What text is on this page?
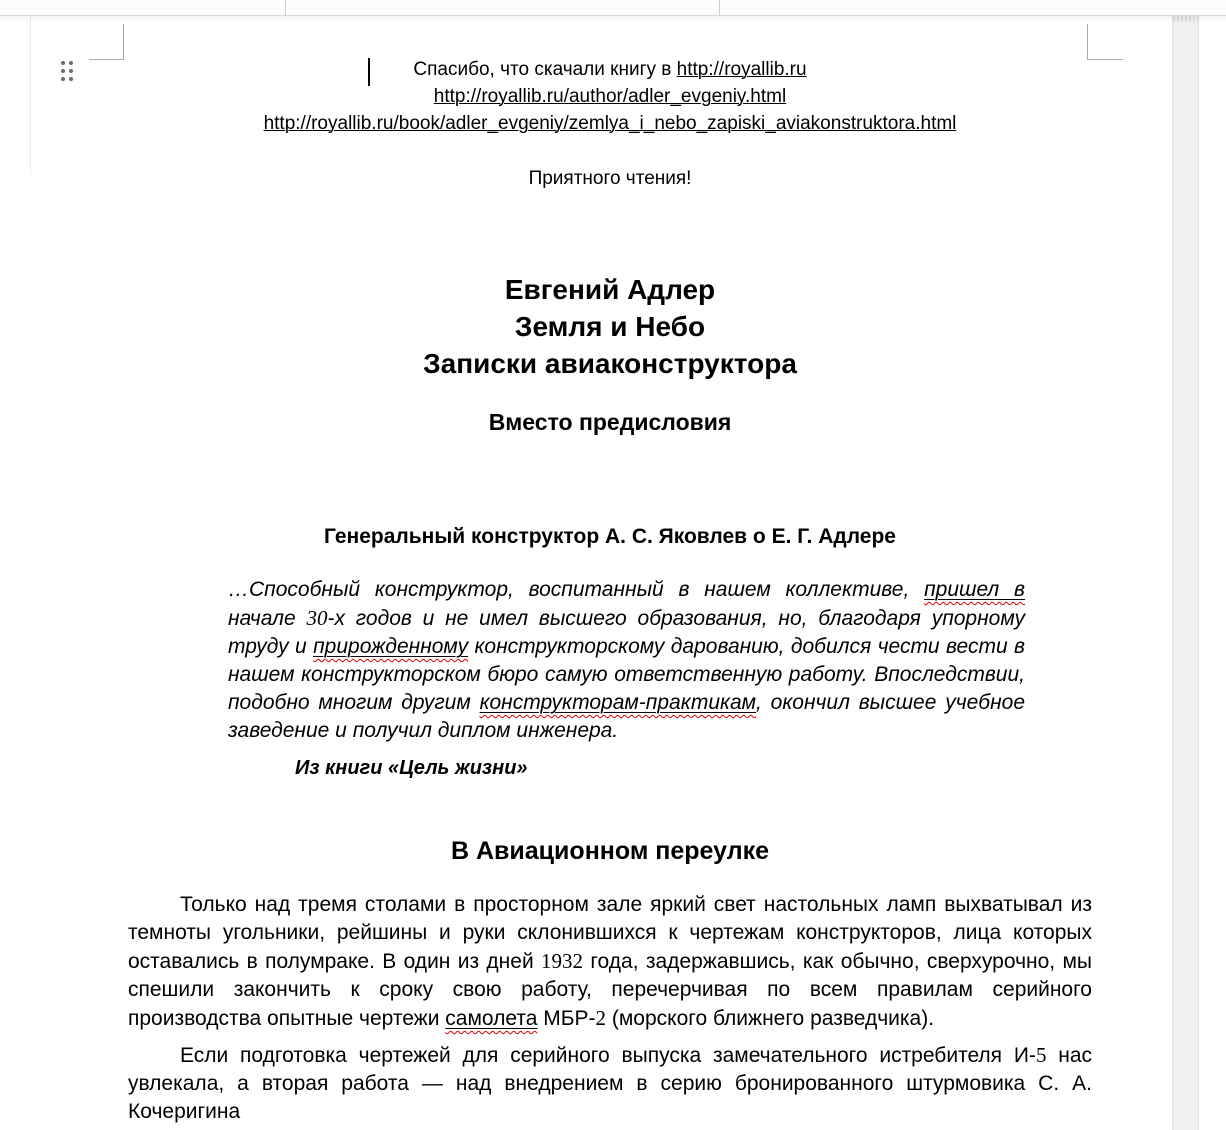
Спасибо, что скачали книгу в http://royallib.ru
http://royallib.ru/author/adler_evgeniy.html
http://royallib.ru/book/adler_evgeniy/zemlya_i_nebo_zapiski_aviakonstruktora.html
Приятного чтения!
Евгений Адлер
Земля и Небо
Записки авиаконструктора
Вместо предисловия
Генеральный конструктор А. С. Яковлев о Е. Г. Адлере

…Способный конструктор, воспитанный в нашем коллективе, пришел в начале 30-х годов и не имел высшего образования, но, благодаря упорному труду и прирожденному конструкторскому дарованию, добился чести вести в нашем конструкторском бюро самую ответственную работу. Впоследствии, подобно многим другим конструкторам-практикам, окончил высшее учебное заведение и получил диплом инженера.

Из книги «Цель жизни»
В Авиационном переулке

Только над тремя столами в просторном зале яркий свет настольных ламп выхватывал из темноты угольники, рейшины и руки склонившихся к чертежам конструкторов, лица которых оставались в полумраке. В один из дней 1932 года, задержавшись, как обычно, сверхурочно, мы спешили закончить к сроку свою работу, перечерчивая по всем правилам серийного производства опытные чертежи самолета МБР-2 (морского ближнего разведчика).

Если подготовка чертежей для серийного выпуска замечательного истребителя И-5 нас увлекала, а вторая работа — над внедрением в серию бронированного штурмовика С. А. Кочеригина
